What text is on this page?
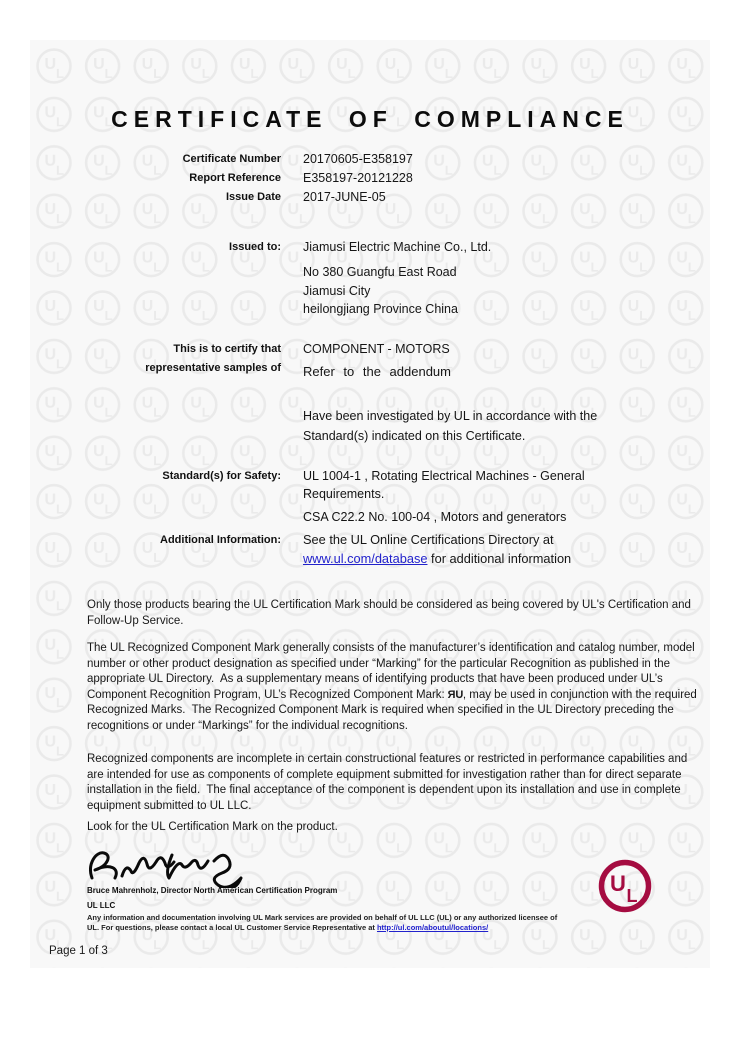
CERTIFICATE OF COMPLIANCE
Certificate Number
Report Reference
Issue Date
20170605-E358197
E358197-20121228
2017-JUNE-05
Issued to: Jiamusi Electric Machine Co., Ltd.
No 380 Guangfu East Road
Jiamusi City
heilongjiang Province China
This is to certify that
representative samples of
COMPONENT - MOTORS
Refer to the addendum
Have been investigated by UL in accordance with the Standard(s) indicated on this Certificate.
Standard(s) for Safety: UL 1004-1 , Rotating Electrical Machines - General Requirements.
CSA C22.2 No. 100-04 , Motors and generators
Additional Information: See the UL Online Certifications Directory at www.ul.com/database for additional information

Only those products bearing the UL Certification Mark should be considered as being covered by UL's Certification and Follow-Up Service.

The UL Recognized Component Mark generally consists of the manufacturer’s identification and catalog number, model number or other product designation as specified under “Marking” for the particular Recognition as published in the appropriate UL Directory.  As a supplementary means of identifying products that have been produced under UL’s Component Recognition Program, UL’s Recognized Component Mark: RU, may be used in conjunction with the required Recognized Marks.  The Recognized Component Mark is required when specified in the UL Directory preceding the recognitions or under “Markings” for the individual recognitions.

Recognized components are incomplete in certain constructional features or restricted in performance capabilities and are intended for use as components of complete equipment submitted for investigation rather than for direct separate installation in the field.  The final acceptance of the component is dependent upon its installation and use in complete equipment submitted to UL LLC.

Look for the UL Certification Mark on the product.

Bruce Mahrenholz, Director North American Certification Program
UL LLC
Any information and documentation involving UL Mark services are provided on behalf of UL LLC (UL) or any authorized licensee of UL. For questions, please contact a local UL Customer Service Representative at http://ul.com/aboutul/locations/
U L
Page 1 of 3
